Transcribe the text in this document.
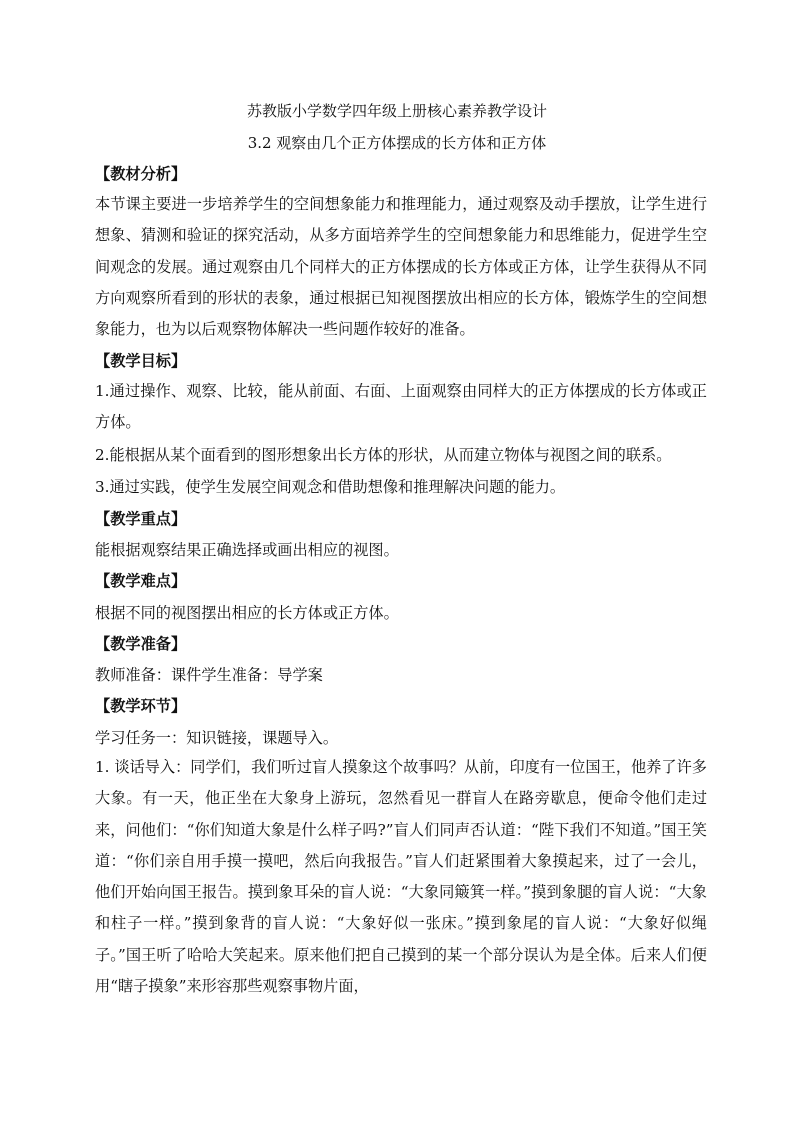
苏教版小学数学四年级上册核心素养教学设计
3.2 观察由几个正方体摆成的长方体和正方体
【教材分析】
本节课主要进一步培养学生的空间想象能力和推理能力，通过观察及动手摆放，让学生进行想象、猜测和验证的探究活动，从多方面培养学生的空间想象能力和思维能力，促进学生空间观念的发展。通过观察由几个同样大的正方体摆成的长方体或正方体，让学生获得从不同方向观察所看到的形状的表象，通过根据已知视图摆放出相应的长方体，锻炼学生的空间想象能力，也为以后观察物体解决一些问题作较好的准备。
【教学目标】
1.通过操作、观察、比较，能从前面、右面、上面观察由同样大的正方体摆成的长方体或正方体。
2.能根据从某个面看到的图形想象出长方体的形状，从而建立物体与视图之间的联系。
3.通过实践，使学生发展空间观念和借助想像和推理解决问题的能力。
【教学重点】
能根据观察结果正确选择或画出相应的视图。
【教学难点】
根据不同的视图摆出相应的长方体或正方体。
【教学准备】
教师准备：课件学生准备：导学案
【教学环节】
学习任务一：知识链接，课题导入。
1. 谈话导入：同学们，我们听过盲人摸象这个故事吗？从前，印度有一位国王，他养了许多大象。有一天，他正坐在大象身上游玩，忽然看见一群盲人在路旁歇息，便命令他们走过来，问他们：“你们知道大象是什么样子吗?”盲人们同声否认道：“陛下我们不知道。”国王笑道：“你们亲自用手摸一摸吧，然后向我报告。”盲人们赶紧围着大象摸起来，过了一会儿，他们开始向国王报告。摸到象耳朵的盲人说：“大象同簸箕一样。”摸到象腿的盲人说：“大象和柱子一样。”摸到象背的盲人说：“大象好似一张床。”摸到象尾的盲人说：“大象好似绳子。”国王听了哈哈大笑起来。原来他们把自己摸到的某一个部分误认为是全体。后来人们便用“瞎子摸象”来形容那些观察事物片面，
